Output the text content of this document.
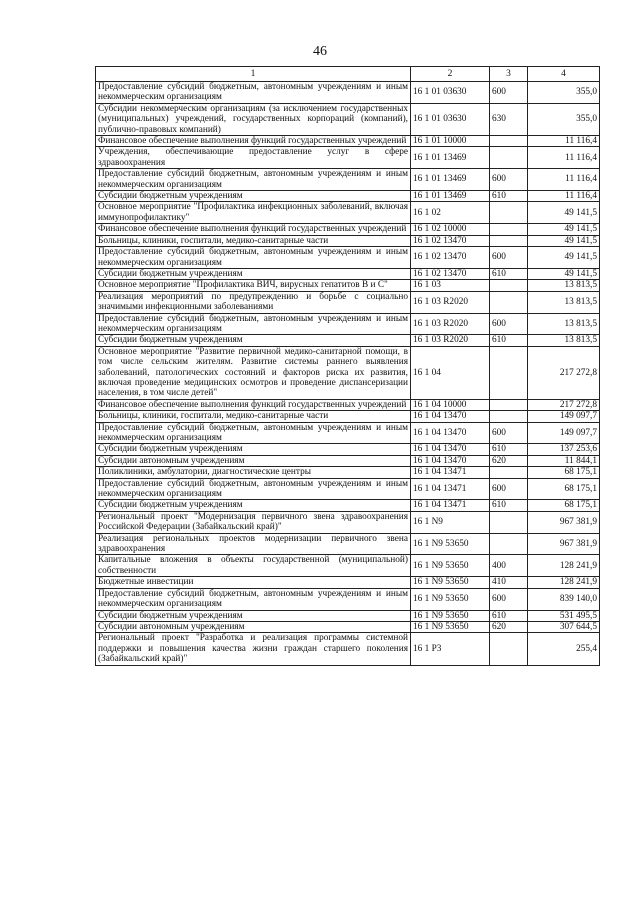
46
1	2	3	4
Предоставление субсидий бюджетным, автономным учреждениям и иным некоммерческим организациям	16 1 01 03630	600	355,0
Субсидии некоммерческим организациям (за исключением государственных (муниципальных) учреждений, государственных корпораций (компаний), публично-правовых компаний)	16 1 01 03630	630	355,0
Финансовое обеспечение выполнения функций государственных учреждений	16 1 01 10000		11 116,4
Учреждения, обеспечивающие предоставление услуг в сфере здравоохранения	16 1 01 13469		11 116,4
Предоставление субсидий бюджетным, автономным учреждениям и иным некоммерческим организациям	16 1 01 13469	600	11 116,4
Субсидии бюджетным учреждениям	16 1 01 13469	610	11 116,4
Основное мероприятие "Профилактика инфекционных заболеваний, включая иммунопрофилактику"	16 1 02		49 141,5
Финансовое обеспечение выполнения функций государственных учреждений	16 1 02 10000		49 141,5
Больницы, клиники, госпитали, медико-санитарные части	16 1 02 13470		49 141,5
Предоставление субсидий бюджетным, автономным учреждениям и иным некоммерческим организациям	16 1 02 13470	600	49 141,5
Субсидии бюджетным учреждениям	16 1 02 13470	610	49 141,5
Основное мероприятие "Профилактика ВИЧ, вирусных гепатитов В и С"	16 1 03		13 813,5
Реализация мероприятий по предупреждению и борьбе с социально значимыми инфекционными заболеваниями	16 1 03 R2020		13 813,5
Предоставление субсидий бюджетным, автономным учреждениям и иным некоммерческим организациям	16 1 03 R2020	600	13 813,5
Субсидии бюджетным учреждениям	16 1 03 R2020	610	13 813,5
Основное мероприятие "Развитие первичной медико-санитарной помощи, в том числе сельским жителям. Развитие системы раннего выявления заболеваний, патологических состояний и факторов риска их развития, включая проведение медицинских осмотров и проведение диспансеризации населения, в том числе детей"	16 1 04		217 272,8
Финансовое обеспечение выполнения функций государственных учреждений	16 1 04 10000		217 272,8
Больницы, клиники, госпитали, медико-санитарные части	16 1 04 13470		149 097,7
Предоставление субсидий бюджетным, автономным учреждениям и иным некоммерческим организациям	16 1 04 13470	600	149 097,7
Субсидии бюджетным учреждениям	16 1 04 13470	610	137 253,6
Субсидии автономным учреждениям	16 1 04 13470	620	11 844,1
Поликлиники, амбулатории, диагностические центры	16 1 04 13471		68 175,1
Предоставление субсидий бюджетным, автономным учреждениям и иным некоммерческим организациям	16 1 04 13471	600	68 175,1
Субсидии бюджетным учреждениям	16 1 04 13471	610	68 175,1
Региональный проект "Модернизация первичного звена здравоохранения Российской Федерации (Забайкальский край)"	16 1 N9		967 381,9
Реализация региональных проектов модернизации первичного звена здравоохранения	16 1 N9 53650		967 381,9
Капитальные вложения в объекты государственной (муниципальной) собственности	16 1 N9 53650	400	128 241,9
Бюджетные инвестиции	16 1 N9 53650	410	128 241,9
Предоставление субсидий бюджетным, автономным учреждениям и иным некоммерческим организациям	16 1 N9 53650	600	839 140,0
Субсидии бюджетным учреждениям	16 1 N9 53650	610	531 495,5
Субсидии автономным учреждениям	16 1 N9 53650	620	307 644,5
Региональный проект "Разработка и реализация программы системной поддержки и повышения качества жизни граждан старшего поколения (Забайкальский край)"	16 1 P3		255,4
